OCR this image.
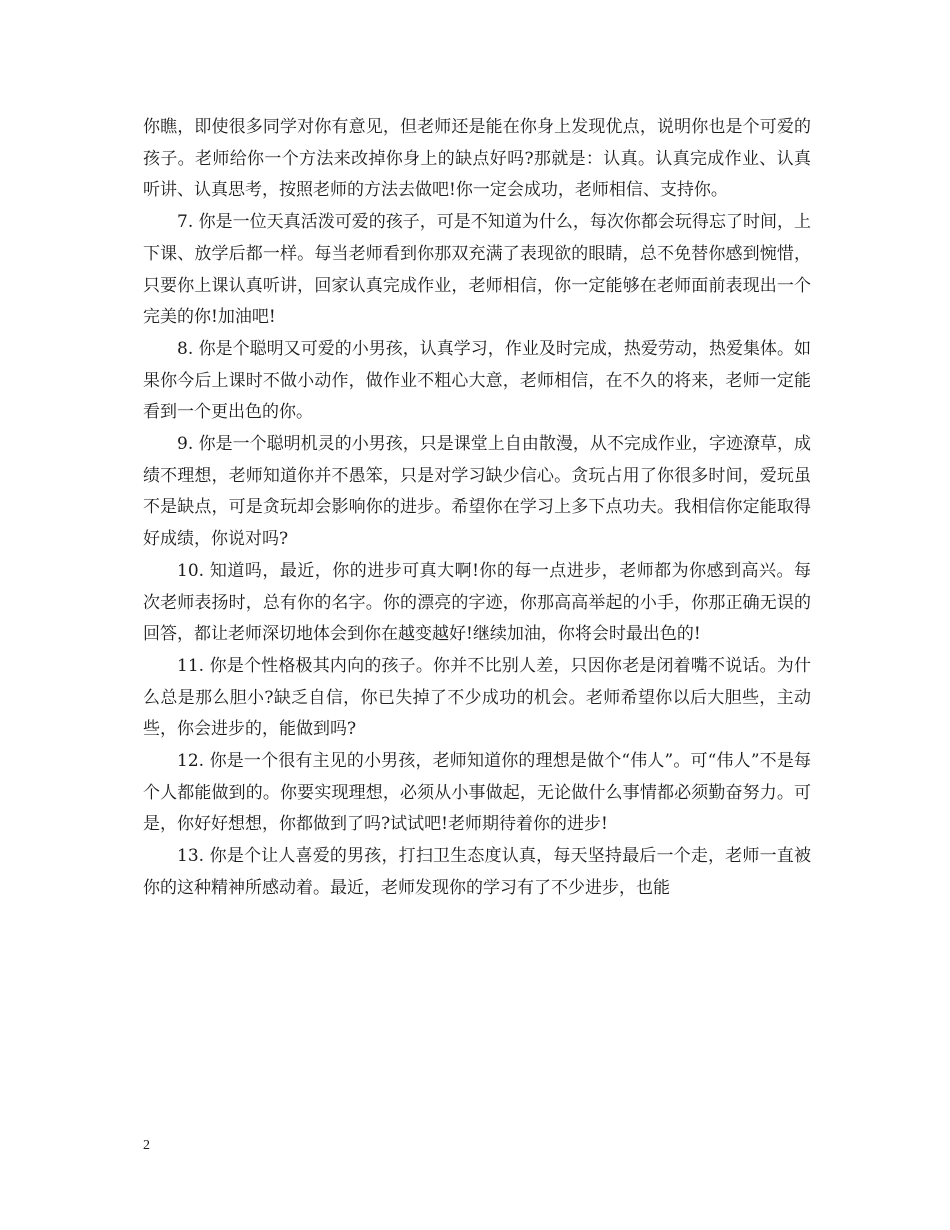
你瞧，即使很多同学对你有意见，但老师还是能在你身上发现优点，说明你也是个可爱的孩子。老师给你一个方法来改掉你身上的缺点好吗?那就是：认真。认真完成作业、认真听讲、认真思考，按照老师的方法去做吧!你一定会成功，老师相信、支持你。

7. 你是一位天真活泼可爱的孩子，可是不知道为什么，每次你都会玩得忘了时间，上下课、放学后都一样。每当老师看到你那双充满了表现欲的眼睛，总不免替你感到惋惜，只要你上课认真听讲，回家认真完成作业，老师相信，你一定能够在老师面前表现出一个完美的你!加油吧!

8. 你是个聪明又可爱的小男孩，认真学习，作业及时完成，热爱劳动，热爱集体。如果你今后上课时不做小动作，做作业不粗心大意，老师相信，在不久的将来，老师一定能看到一个更出色的你。

9. 你是一个聪明机灵的小男孩，只是课堂上自由散漫，从不完成作业，字迹潦草，成绩不理想，老师知道你并不愚笨，只是对学习缺少信心。贪玩占用了你很多时间，爱玩虽不是缺点，可是贪玩却会影响你的进步。希望你在学习上多下点功夫。我相信你定能取得好成绩，你说对吗?

10. 知道吗，最近，你的进步可真大啊!你的每一点进步，老师都为你感到高兴。每次老师表扬时，总有你的名字。你的漂亮的字迹，你那高高举起的小手，你那正确无误的回答，都让老师深切地体会到你在越变越好!继续加油，你将会时最出色的!

11. 你是个性格极其内向的孩子。你并不比别人差，只因你老是闭着嘴不说话。为什么总是那么胆小?缺乏自信，你已失掉了不少成功的机会。老师希望你以后大胆些，主动些，你会进步的，能做到吗?

12. 你是一个很有主见的小男孩，老师知道你的理想是做个“伟人”。可“伟人”不是每个人都能做到的。你要实现理想，必须从小事做起，无论做什么事情都必须勤奋努力。可是，你好好想想，你都做到了吗?试试吧!老师期待着你的进步!

13. 你是个让人喜爱的男孩，打扫卫生态度认真，每天坚持最后一个走，老师一直被你的这种精神所感动着。最近，老师发现你的学习有了不少进步，也能

2
